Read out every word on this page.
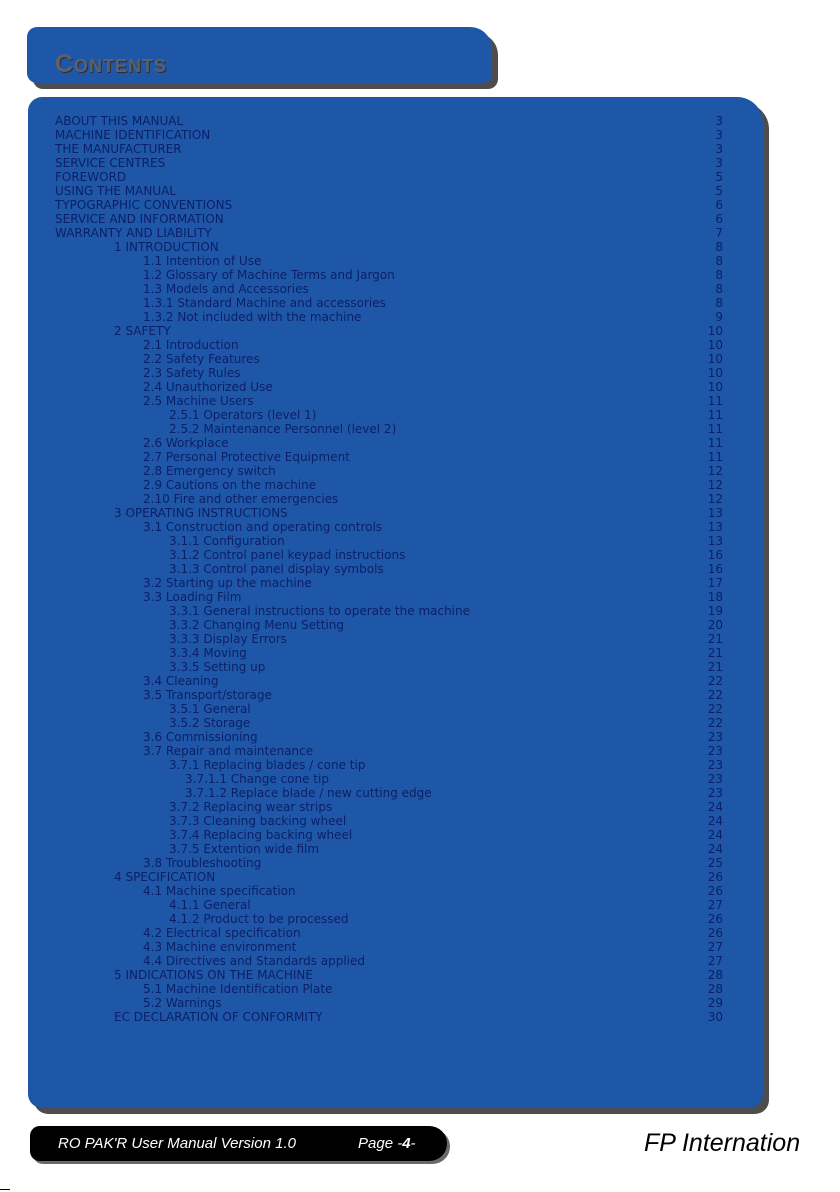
Contents
ABOUT THIS MANUAL	3
MACHINE IDENTIFICATION	3
THE MANUFACTURER	3
SERVICE CENTRES	3
FOREWORD	5
USING THE MANUAL	5
TYPOGRAPHIC CONVENTIONS	6
SERVICE AND INFORMATION	6
WARRANTY AND LIABILITY	7
1 INTRODUCTION	8
1.1 Intention of Use	8
1.2 Glossary of Machine Terms and Jargon	8
1.3 Models and Accessories	8
1.3.1 Standard Machine and accessories	8
1.3.2 Not included with the machine	9
2 SAFETY	10
2.1 Introduction	10
2.2 Safety Features	10
2.3 Safety Rules	10
2.4 Unauthorized Use	10
2.5 Machine Users	11
2.5.1 Operators (level 1)	11
2.5.2 Maintenance Personnel (level 2)	11
2.6 Workplace	11
2.7 Personal Protective Equipment	11
2.8 Emergency switch	12
2.9 Cautions on the machine	12
2.10 Fire and other emergencies	12
3 OPERATING INSTRUCTIONS	13
3.1 Construction and operating controls	13
3.1.1 Configuration	13
3.1.2 Control panel keypad instructions	16
3.1.3 Control panel display symbols	16
3.2 Starting up the machine	17
3.3 Loading Film	18
3.3.1 General instructions to operate the machine	19
3.3.2 Changing Menu Setting	20
3.3.3 Display Errors	21
3.3.4 Moving	21
3.3.5 Setting up	21
3.4 Cleaning	22
3.5 Transport/storage	22
3.5.1 General	22
3.5.2 Storage	22
3.6 Commissioning	23
3.7 Repair and maintenance	23
3.7.1 Replacing blades / cone tip	23
3.7.1.1 Change cone tip	23
3.7.1.2 Replace blade / new cutting edge	23
3.7.2 Replacing wear strips	24
3.7.3 Cleaning backing wheel	24
3.7.4 Replacing backing wheel	24
3.7.5 Extention wide film	24
3.8 Troubleshooting	25
4 SPECIFICATION	26
4.1 Machine specification	26
4.1.1 General	27
4.1.2 Product to be processed	26
4.2 Electrical specification	26
4.3 Machine environment	27
4.4 Directives and Standards applied	27
5 INDICATIONS ON THE MACHINE	28
5.1 Machine Identification Plate	28
5.2 Warnings	29
EC DECLARATION OF CONFORMITY	30
RO PAK'R User Manual Version 1.0	Page -4-	FP Internation
